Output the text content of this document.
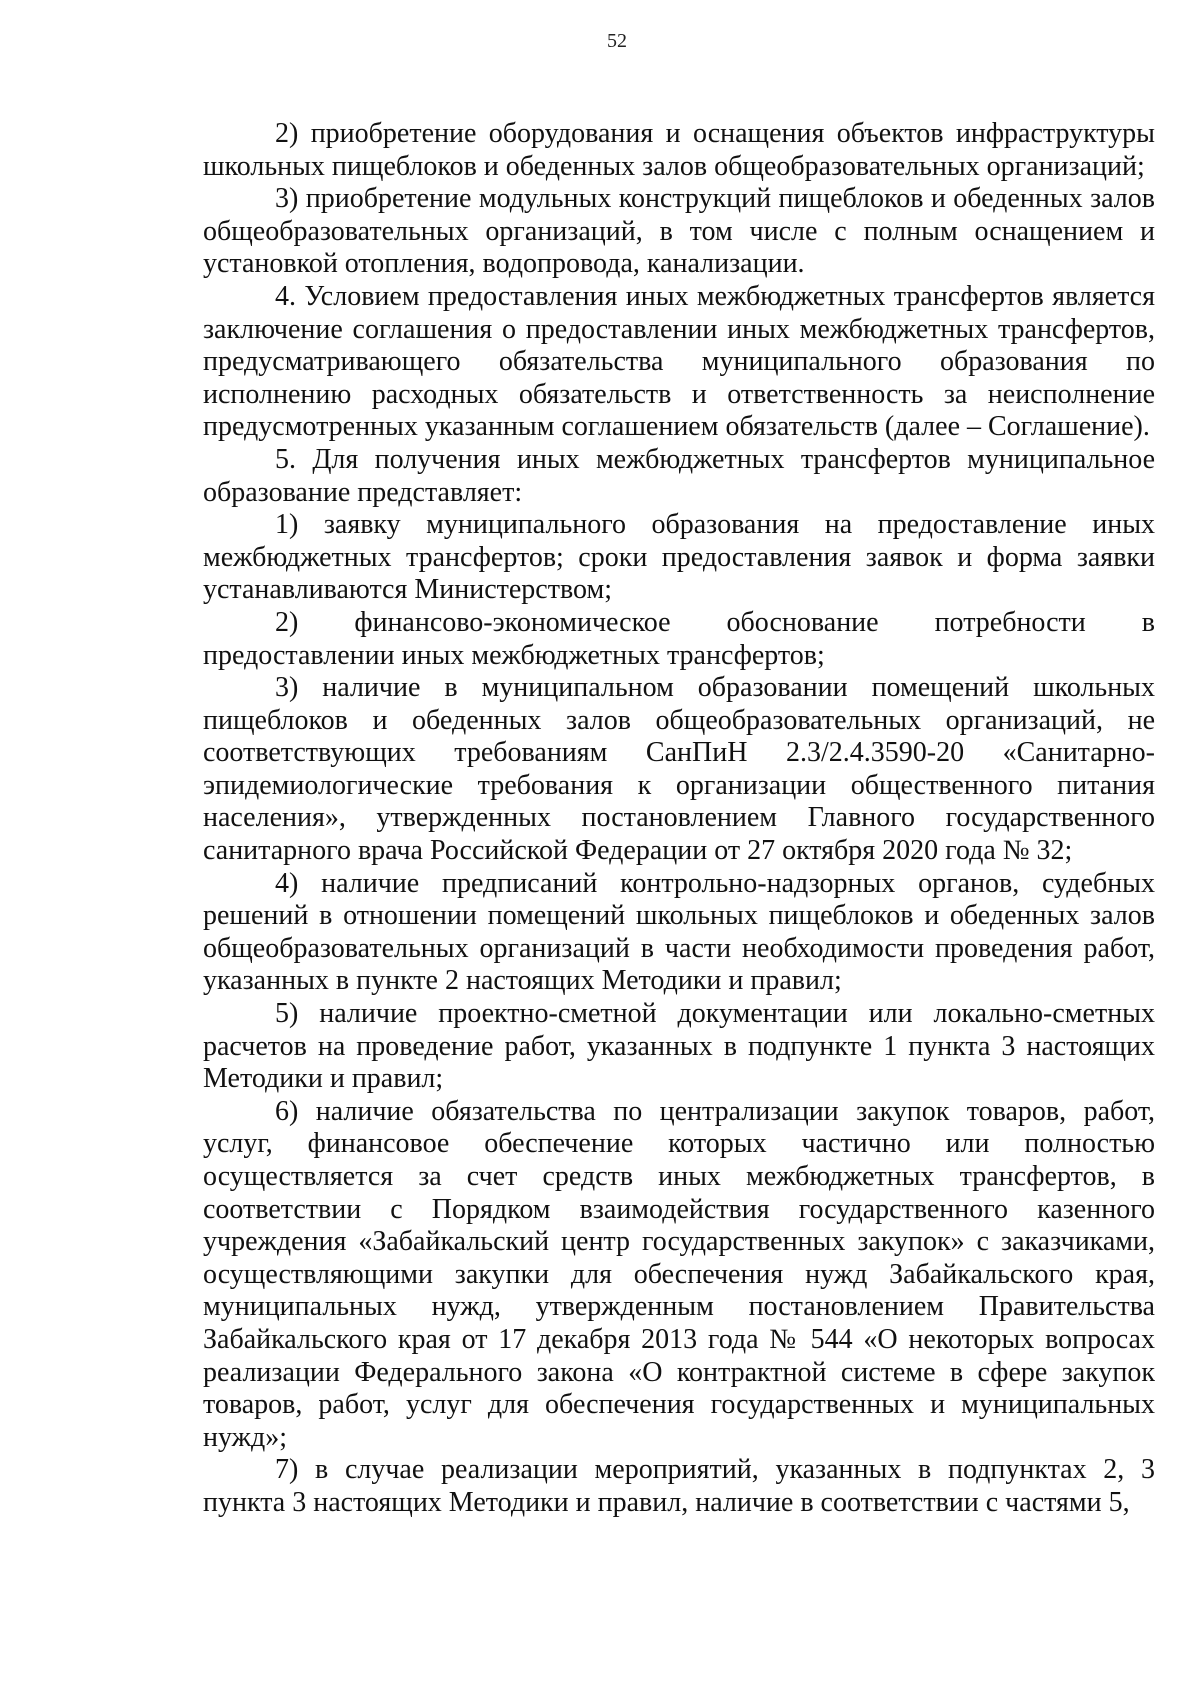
52

2) приобретение оборудования и оснащения объектов инфраструктуры школьных пищеблоков и обеденных залов общеобразовательных организаций;

3) приобретение модульных конструкций пищеблоков и обеденных залов общеобразовательных организаций, в том числе с полным оснащением и установкой отопления, водопровода, канализации.

4. Условием предоставления иных межбюджетных трансфертов является заключение соглашения о предоставлении иных межбюджетных трансфертов, предусматривающего обязательства муниципального образования по исполнению расходных обязательств и ответственность за неисполнение предусмотренных указанным соглашением обязательств (далее – Соглашение).

5. Для получения иных межбюджетных трансфертов муниципальное образование представляет:

1) заявку муниципального образования на предоставление иных межбюджетных трансфертов; сроки предоставления заявок и форма заявки устанавливаются Министерством;

2) финансово-экономическое обоснование потребности в предоставлении иных межбюджетных трансфертов;

3) наличие в муниципальном образовании помещений школьных пищеблоков и обеденных залов общеобразовательных организаций, не соответствующих требованиям СанПиН 2.3/2.4.3590-20 «Санитарно-эпидемиологические требования к организации общественного питания населения», утвержденных постановлением Главного государственного санитарного врача Российской Федерации от 27 октября 2020 года № 32;

4) наличие предписаний контрольно-надзорных органов, судебных решений в отношении помещений школьных пищеблоков и обеденных залов общеобразовательных организаций в части необходимости проведения работ, указанных в пункте 2 настоящих Методики и правил;

5) наличие проектно-сметной документации или локально-сметных расчетов на проведение работ, указанных в подпункте 1 пункта 3 настоящих Методики и правил;

6) наличие обязательства по централизации закупок товаров, работ, услуг, финансовое обеспечение которых частично или полностью осуществляется за счет средств иных межбюджетных трансфертов, в соответствии с Порядком взаимодействия государственного казенного учреждения «Забайкальский центр государственных закупок» с заказчиками, осуществляющими закупки для обеспечения нужд Забайкальского края, муниципальных нужд, утвержденным постановлением Правительства Забайкальского края от 17 декабря 2013 года № 544 «О некоторых вопросах реализации Федерального закона «О контрактной системе в сфере закупок товаров, работ, услуг для обеспечения государственных и муниципальных нужд»;

7) в случае реализации мероприятий, указанных в подпунктах 2, 3 пункта 3 настоящих Методики и правил, наличие в соответствии с частями 5,
